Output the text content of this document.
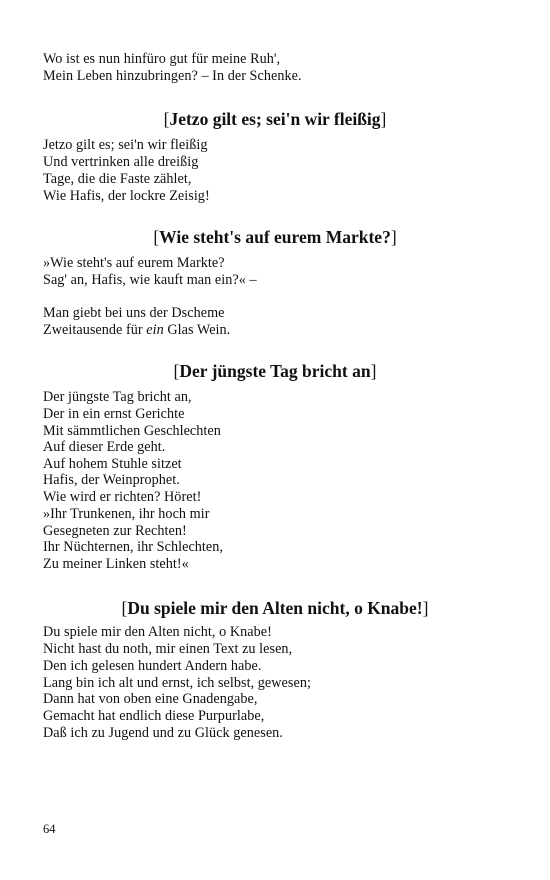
Wo ist es nun hinfüro gut für meine Ruh',
Mein Leben hinzubringen? – In der Schenke.
[Jetzo gilt es; sei'n wir fleißig]
Jetzo gilt es; sei'n wir fleißig
Und vertrinken alle dreißig
Tage, die die Faste zählet,
Wie Hafis, der lockre Zeisig!
[Wie steht's auf eurem Markte?]
»Wie steht's auf eurem Markte?
Sag' an, Hafis, wie kauft man ein?« –
Man giebt bei uns der Dscheme
Zweitausende für ein Glas Wein.
[Der jüngste Tag bricht an]
Der jüngste Tag bricht an,
Der in ein ernst Gerichte
Mit sämmtlichen Geschlechten
Auf dieser Erde geht.
Auf hohem Stuhle sitzet
Hafis, der Weinprophet.
Wie wird er richten? Höret!
»Ihr Trunkenen, ihr hoch mir
Gesegneten zur Rechten!
Ihr Nüchternen, ihr Schlechten,
Zu meiner Linken steht!«
[Du spiele mir den Alten nicht, o Knabe!]
Du spiele mir den Alten nicht, o Knabe!
Nicht hast du noth, mir einen Text zu lesen,
Den ich gelesen hundert Andern habe.
Lang bin ich alt und ernst, ich selbst, gewesen;
Dann hat von oben eine Gnadengabe,
Gemacht hat endlich diese Purpurlabe,
Daß ich zu Jugend und zu Glück genesen.
64
